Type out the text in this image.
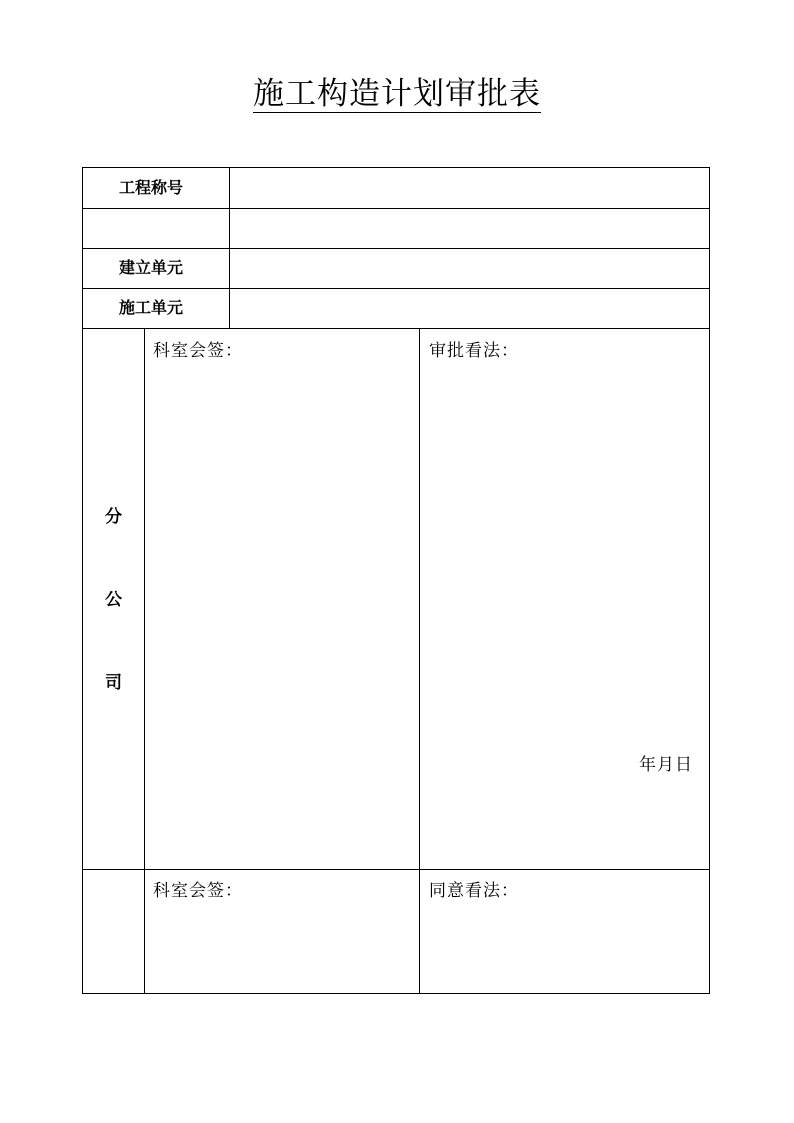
施工构造计划审批表
工程称号
建立单元
施工单元
分
公
司
科室会签：	审批看法：
年月日
科室会签：	同意看法：
